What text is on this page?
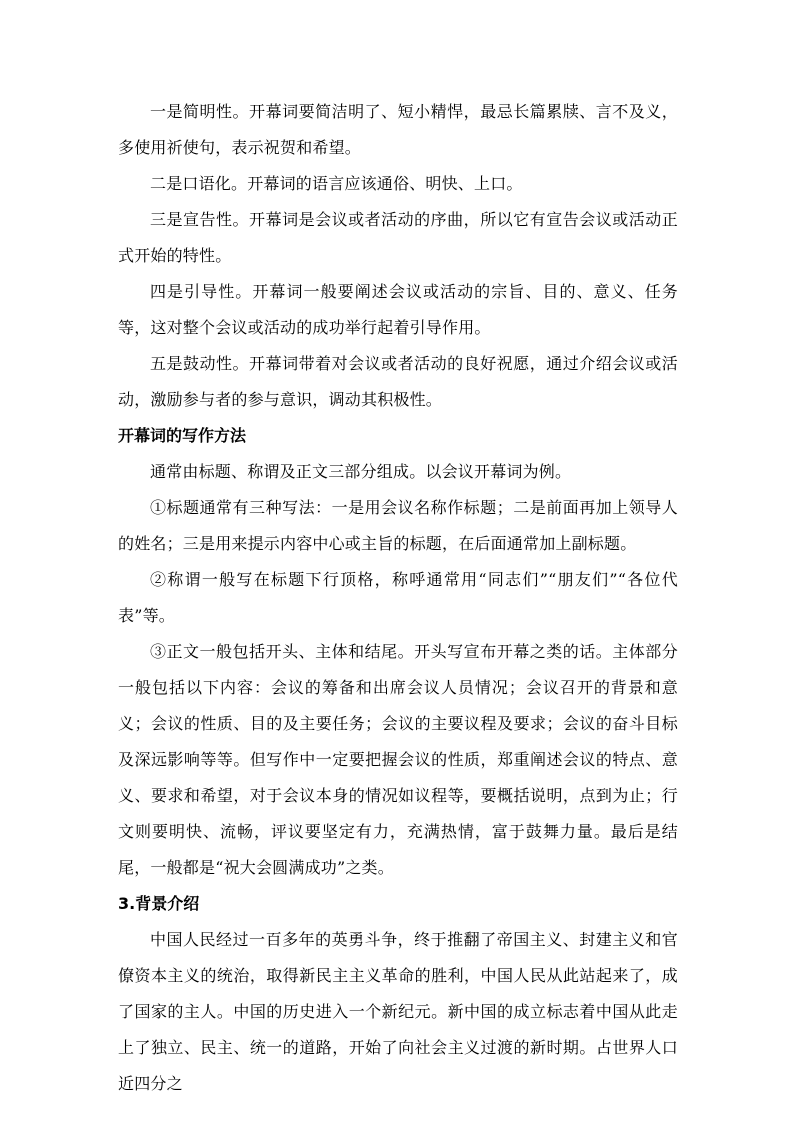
一是简明性。开幕词要简洁明了、短小精悍，最忌长篇累牍、言不及义，多使用祈使句，表示祝贺和希望。

二是口语化。开幕词的语言应该通俗、明快、上口。

三是宣告性。开幕词是会议或者活动的序曲，所以它有宣告会议或活动正式开始的特性。

四是引导性。开幕词一般要阐述会议或活动的宗旨、目的、意义、任务等，这对整个会议或活动的成功举行起着引导作用。

五是鼓动性。开幕词带着对会议或者活动的良好祝愿，通过介绍会议或活动，激励参与者的参与意识，调动其积极性。

开幕词的写作方法

通常由标题、称谓及正文三部分组成。以会议开幕词为例。

①标题通常有三种写法：一是用会议名称作标题；二是前面再加上领导人的姓名；三是用来提示内容中心或主旨的标题，在后面通常加上副标题。

②称谓一般写在标题下行顶格，称呼通常用“同志们”“朋友们”“各位代表”等。

③正文一般包括开头、主体和结尾。开头写宣布开幕之类的话。主体部分一般包括以下内容：会议的筹备和出席会议人员情况；会议召开的背景和意义；会议的性质、目的及主要任务；会议的主要议程及要求；会议的奋斗目标及深远影响等等。但写作中一定要把握会议的性质，郑重阐述会议的特点、意义、要求和希望，对于会议本身的情况如议程等，要概括说明，点到为止；行文则要明快、流畅，评议要坚定有力，充满热情，富于鼓舞力量。最后是结尾，一般都是“祝大会圆满成功”之类。

3.背景介绍

中国人民经过一百多年的英勇斗争，终于推翻了帝国主义、封建主义和官僚资本主义的统治，取得新民主主义革命的胜利，中国人民从此站起来了，成了国家的主人。中国的历史进入一个新纪元。新中国的成立标志着中国从此走上了独立、民主、统一的道路，开始了向社会主义过渡的新时期。占世界人口近四分之
